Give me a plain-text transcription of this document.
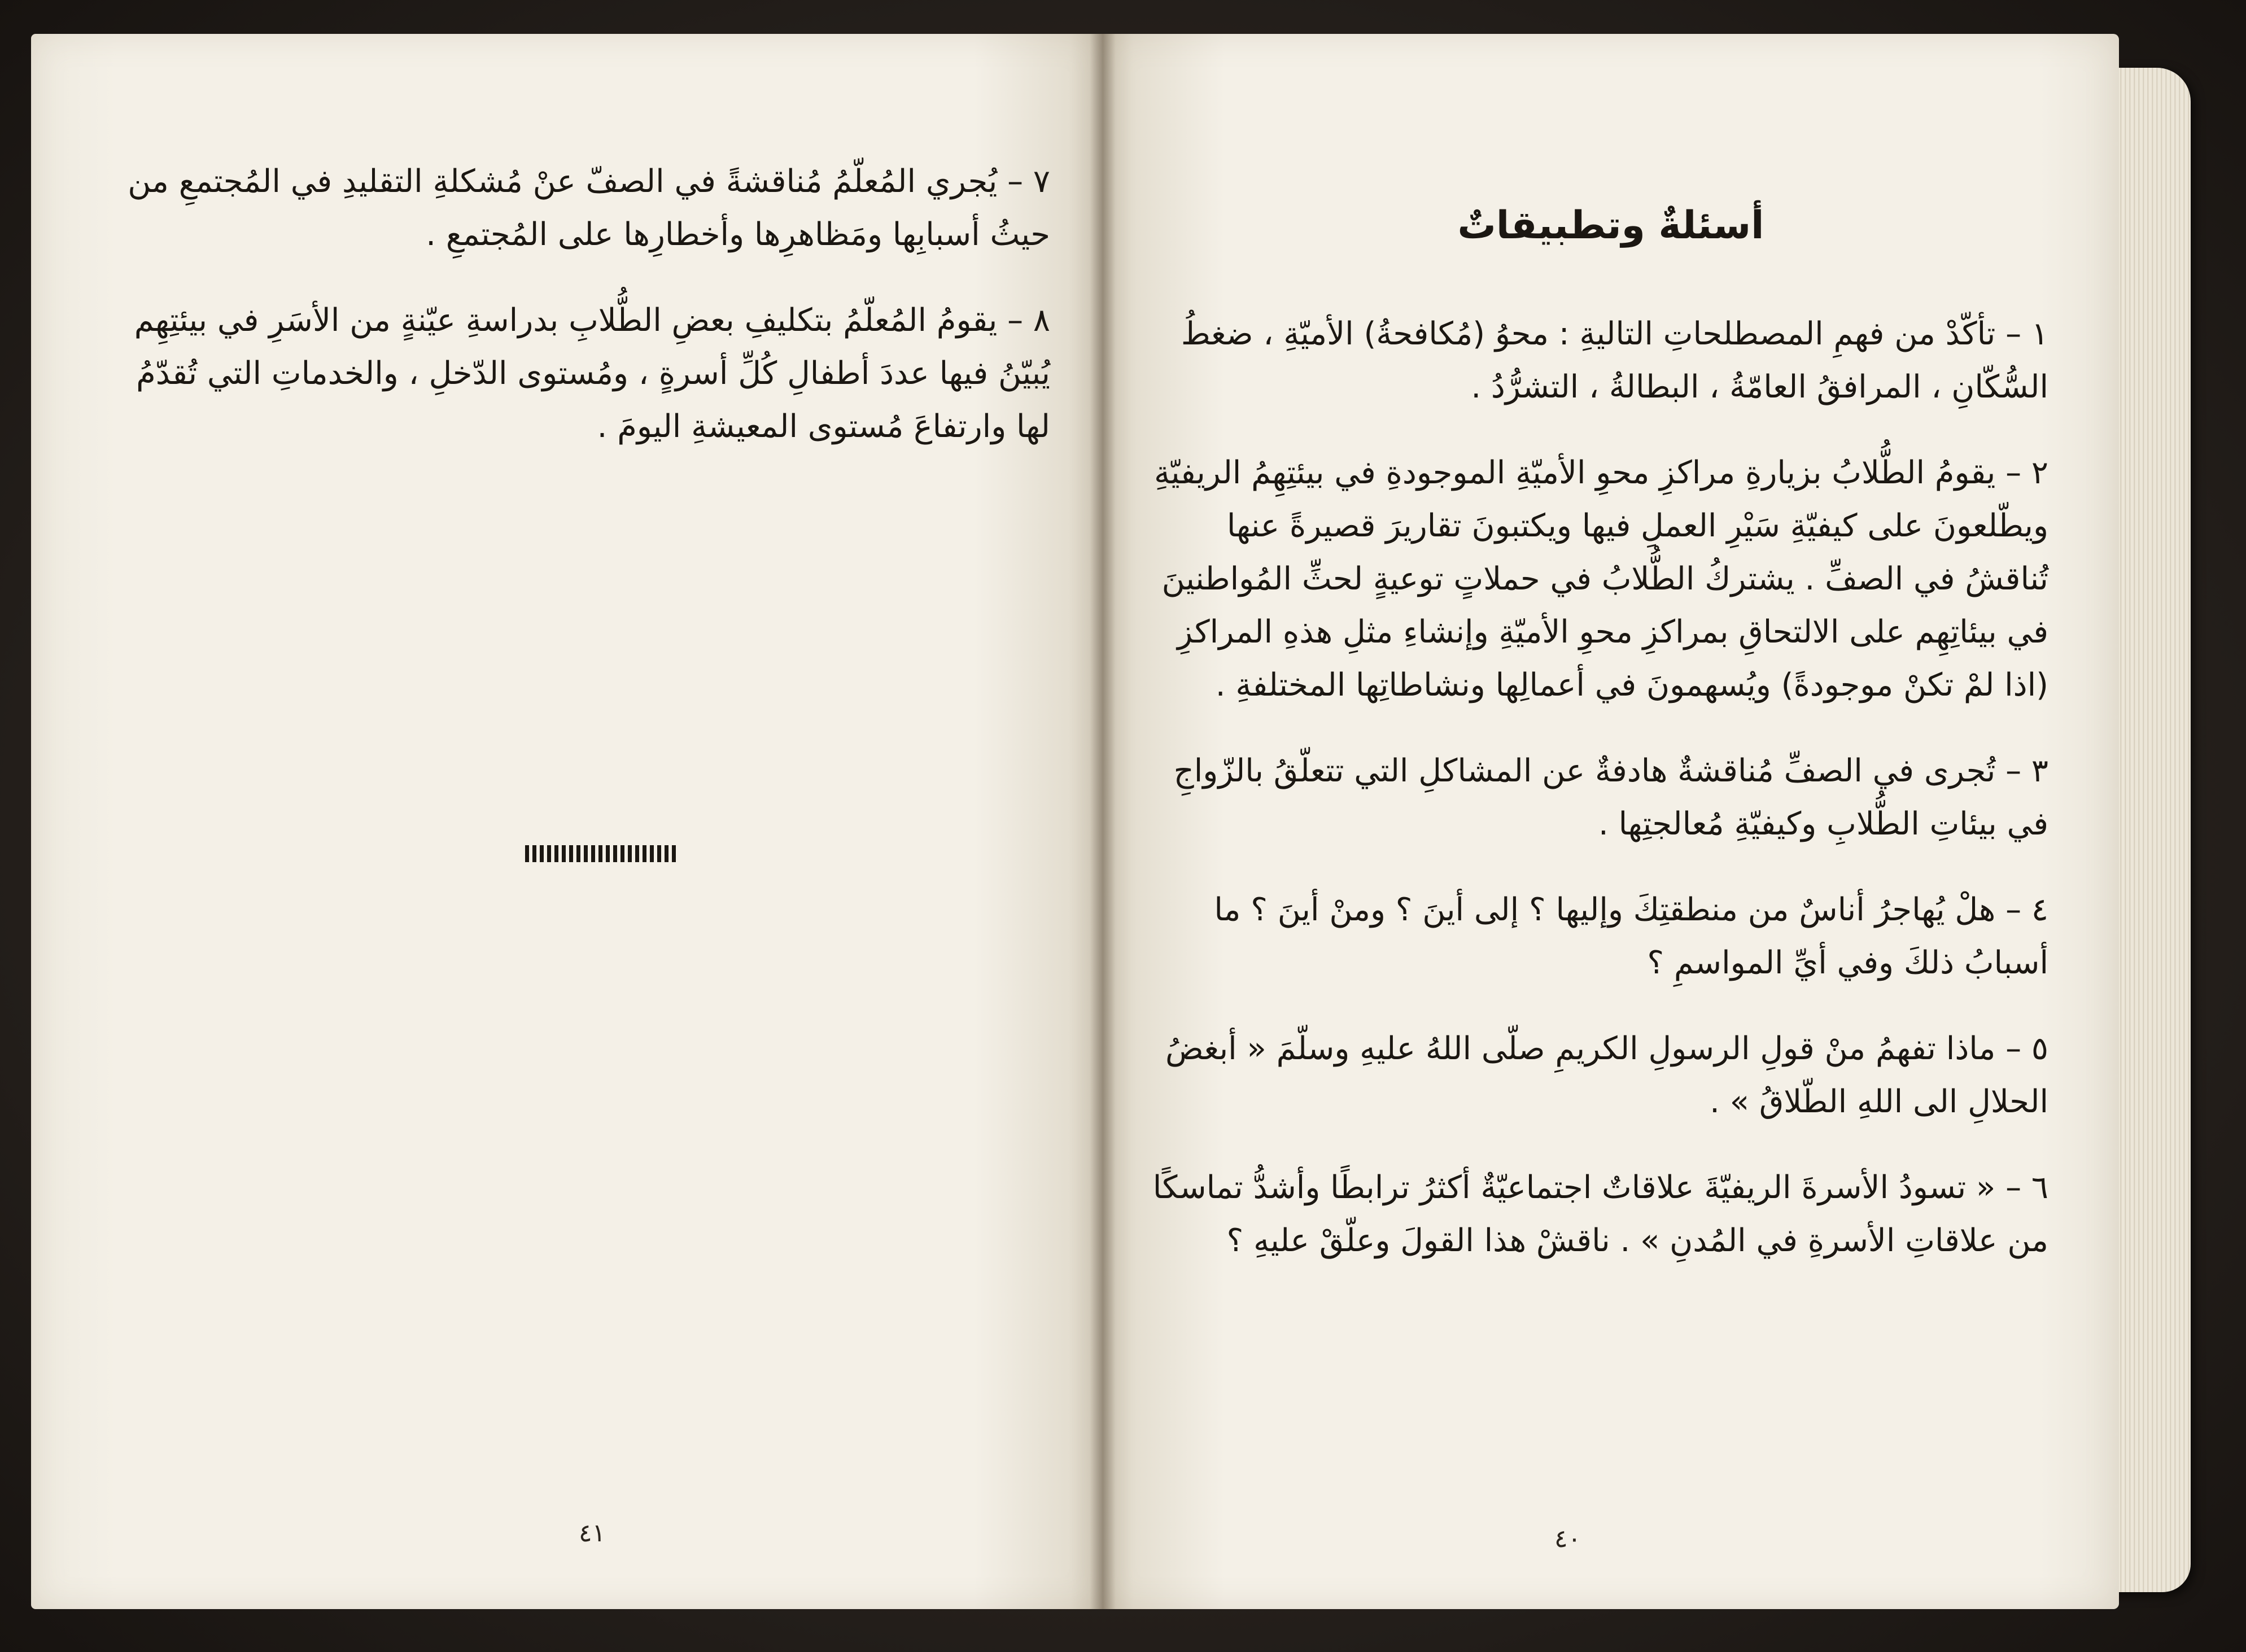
٧ – يُجري المُعلّمُ مُناقشةً في الصفّ عنْ مُشكلةِ التقليدِ في المُجتمعِ من حيثُ أسبابِها ومَظاهرِها وأخطارِها على المُجتمعِ .

٨ – يقومُ المُعلّمُ بتكليفِ بعضِ الطُّلابِ بدراسةِ عيّنةٍ من الأسَرِ في بيئتِهِم يُبيّنُ فيها عددَ أطفالِ كُلِّ أسرةٍ ، ومُستوى الدّخلِ ، والخدماتِ التي تُقدّمُ لها وارتفاعَ مُستوى المعيشةِ اليومَ .

٤١
أسئلةٌ وتطبيقاتٌ

١ – تأكّدْ من فهمِ المصطلحاتِ التاليةِ : محوُ (مُكافحةُ) الأميّةِ ، ضغطُ السُّكّانِ ، المرافقُ العامّةُ ، البطالةُ ، التشرُّدُ .

٢ – يقومُ الطُّلابُ بزيارةِ مراكزِ محوِ الأميّةِ الموجودةِ في بيئتِهِمُ الريفيّةِ ويطّلعونَ على كيفيّةِ سَيْرِ العملِ فيها ويكتبونَ تقاريرَ قصيرةً عنها تُناقشُ في الصفِّ . يشتركُ الطُّلابُ في حملاتٍ توعيةٍ لحثِّ المُواطنينَ في بيئاتِهِم على الالتحاقِ بمراكزِ محوِ الأميّةِ وإنشاءِ مثلِ هذهِ المراكزِ (اذا لمْ تكنْ موجودةً) ويُسهمونَ في أعمالِها ونشاطاتِها المختلفةِ .

٣ – تُجرى في الصفِّ مُناقشةٌ هادفةٌ عن المشاكلِ التي تتعلّقُ بالزّواجِ في بيئاتِ الطُّلابِ وكيفيّةِ مُعالجتِها .

٤ – هلْ يُهاجرُ أناسٌ من منطقتِكَ وإليها ؟ إلى أينَ ؟ ومنْ أينَ ؟ ما أسبابُ ذلكَ وفي أيِّ المواسمِ ؟

٥ – ماذا تفهمُ منْ قولِ الرسولِ الكريمِ صلّى اللهُ عليهِ وسلّمَ « أبغضُ الحلالِ الى اللهِ الطّلاقُ » .

٦ – « تسودُ الأسرةَ الريفيّةَ علاقاتٌ اجتماعيّةٌ أكثرُ ترابطًا وأشدُّ تماسكًا من علاقاتِ الأسرةِ في المُدنِ » . ناقشْ هذا القولَ وعلّقْ عليهِ ؟

٤٠
